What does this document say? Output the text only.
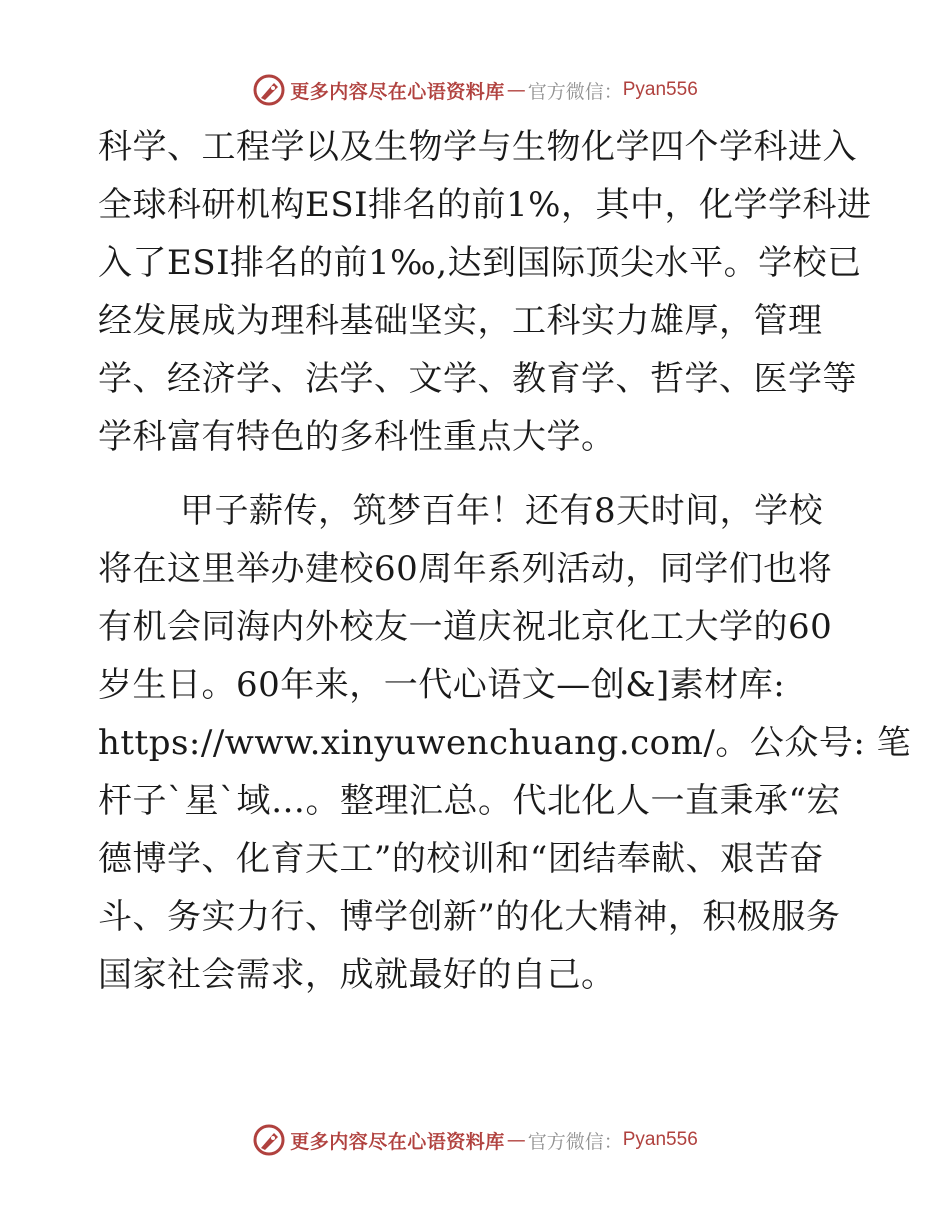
更多内容尽在心语资料库 — 官方微信： Pyan556
科学、工程学以及生物学与生物化学四个学科进入
全球科研机构ESI排名的前1%，其中，化学学科进
入了ESI排名的前1‰,达到国际顶尖水平。学校已
经发展成为理科基础坚实，工科实力雄厚，管理
学、经济学、法学、文学、教育学、哲学、医学等
学科富有特色的多科性重点大学。
甲子薪传，筑梦百年！还有8天时间，学校
将在这里举办建校60周年系列活动，同学们也将
有机会同海内外校友一道庆祝北京化工大学的60
岁生日。60年来，一代心语文—创&]素材库:
https://www.xinyuwenchuang.com/。公众号: 笔
杆子`星`域…。整理汇总。代北化人一直秉承“宏
德博学、化育天工”的校训和“团结奉献、艰苦奋
斗、务实力行、博学创新”的化大精神，积极服务
国家社会需求，成就最好的自己。
更多内容尽在心语资料库 — 官方微信： Pyan556
